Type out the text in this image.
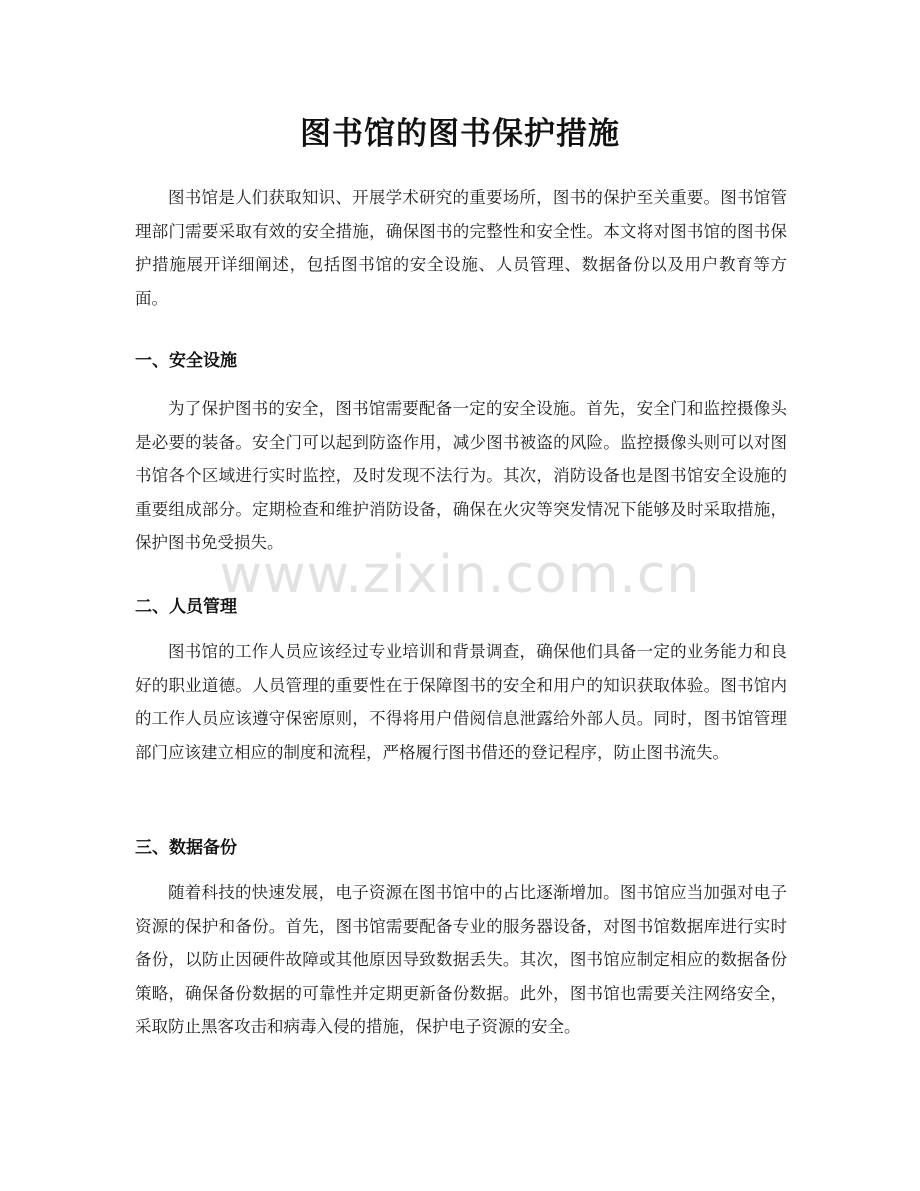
图书馆的图书保护措施

图书馆是人们获取知识、开展学术研究的重要场所，图书的保护至关重要。图书馆管理部门需要采取有效的安全措施，确保图书的完整性和安全性。本文将对图书馆的图书保护措施展开详细阐述，包括图书馆的安全设施、人员管理、数据备份以及用户教育等方面。

一、安全设施

为了保护图书的安全，图书馆需要配备一定的安全设施。首先，安全门和监控摄像头是必要的装备。安全门可以起到防盗作用，减少图书被盗的风险。监控摄像头则可以对图书馆各个区域进行实时监控，及时发现不法行为。其次，消防设备也是图书馆安全设施的重要组成部分。定期检查和维护消防设备，确保在火灾等突发情况下能够及时采取措施，保护图书免受损失。

二、人员管理

图书馆的工作人员应该经过专业培训和背景调查，确保他们具备一定的业务能力和良好的职业道德。人员管理的重要性在于保障图书的安全和用户的知识获取体验。图书馆内的工作人员应该遵守保密原则，不得将用户借阅信息泄露给外部人员。同时，图书馆管理部门应该建立相应的制度和流程，严格履行图书借还的登记程序，防止图书流失。

三、数据备份

随着科技的快速发展，电子资源在图书馆中的占比逐渐增加。图书馆应当加强对电子资源的保护和备份。首先，图书馆需要配备专业的服务器设备，对图书馆数据库进行实时备份，以防止因硬件故障或其他原因导致数据丢失。其次，图书馆应制定相应的数据备份策略，确保备份数据的可靠性并定期更新备份数据。此外，图书馆也需要关注网络安全，采取防止黑客攻击和病毒入侵的措施，保护电子资源的安全。

www.zixin.com.cn
